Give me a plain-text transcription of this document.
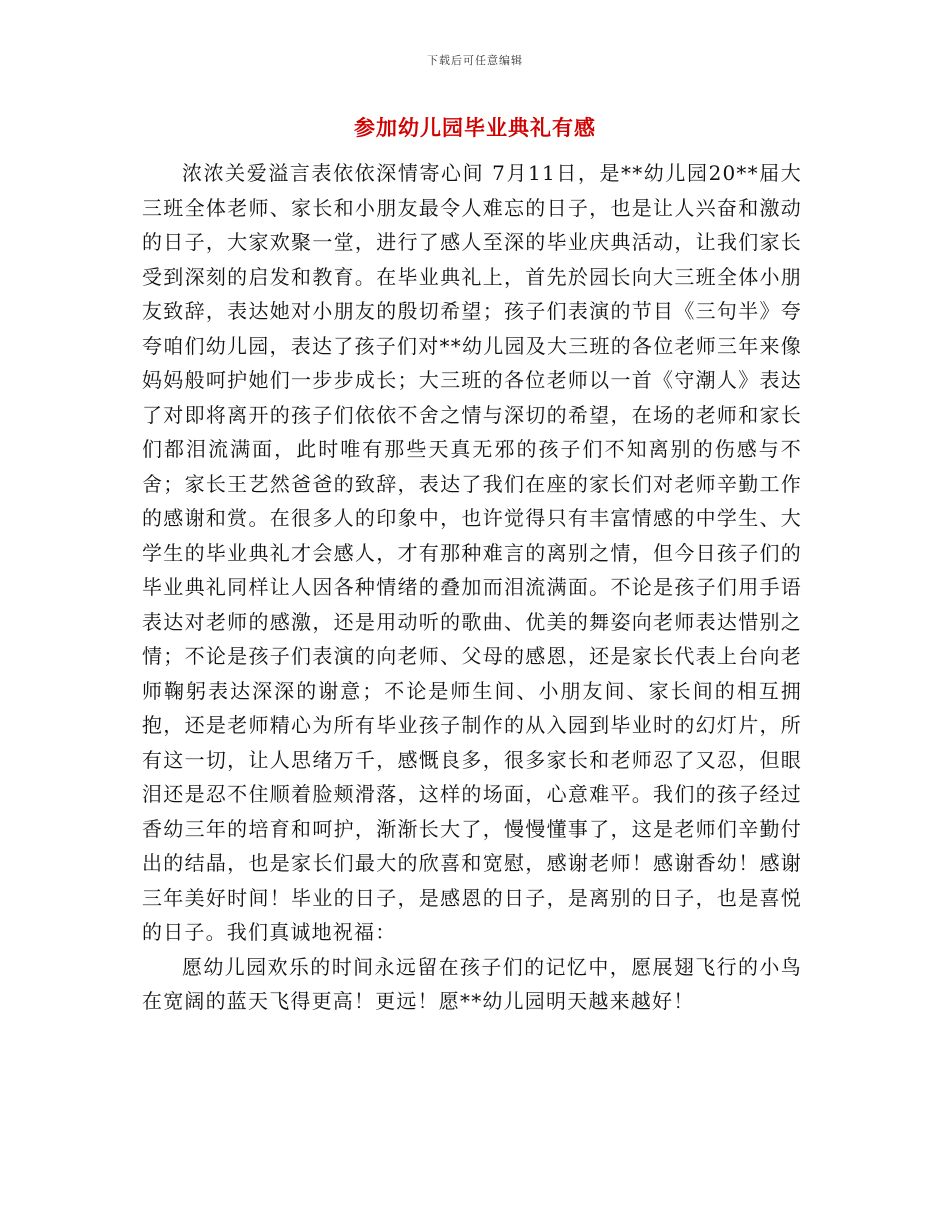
下载后可任意编辑
参加幼儿园毕业典礼有感

浓浓关爱溢言表依依深情寄心间 7月11日，是**幼儿园20**届大三班全体老师、家长和小朋友最令人难忘的日子，也是让人兴奋和激动的日子，大家欢聚一堂，进行了感人至深的毕业庆典活动，让我们家长受到深刻的启发和教育。在毕业典礼上，首先於园长向大三班全体小朋友致辞，表达她对小朋友的殷切希望；孩子们表演的节目《三句半》夸夸咱们幼儿园，表达了孩子们对**幼儿园及大三班的各位老师三年来像妈妈般呵护她们一步步成长；大三班的各位老师以一首《守潮人》表达了对即将离开的孩子们依依不舍之情与深切的希望，在场的老师和家长们都泪流满面，此时唯有那些天真无邪的孩子们不知离别的伤感与不舍；家长王艺然爸爸的致辞，表达了我们在座的家长们对老师辛勤工作的感谢和赏。在很多人的印象中，也许觉得只有丰富情感的中学生、大学生的毕业典礼才会感人，才有那种难言的离别之情，但今日孩子们的毕业典礼同样让人因各种情绪的叠加而泪流满面。不论是孩子们用手语表达对老师的感激，还是用动听的歌曲、优美的舞姿向老师表达惜别之情；不论是孩子们表演的向老师、父母的感恩，还是家长代表上台向老师鞠躬表达深深的谢意；不论是师生间、小朋友间、家长间的相互拥抱，还是老师精心为所有毕业孩子制作的从入园到毕业时的幻灯片，所有这一切，让人思绪万千，感慨良多，很多家长和老师忍了又忍，但眼泪还是忍不住顺着脸颊滑落，这样的场面，心意难平。我们的孩子经过香幼三年的培育和呵护，渐渐长大了，慢慢懂事了，这是老师们辛勤付出的结晶，也是家长们最大的欣喜和宽慰，感谢老师！感谢香幼！感谢三年美好时间！毕业的日子，是感恩的日子，是离别的日子，也是喜悦的日子。我们真诚地祝福：

愿幼儿园欢乐的时间永远留在孩子们的记忆中，愿展翅飞行的小鸟在宽阔的蓝天飞得更高！更远！愿**幼儿园明天越来越好！
